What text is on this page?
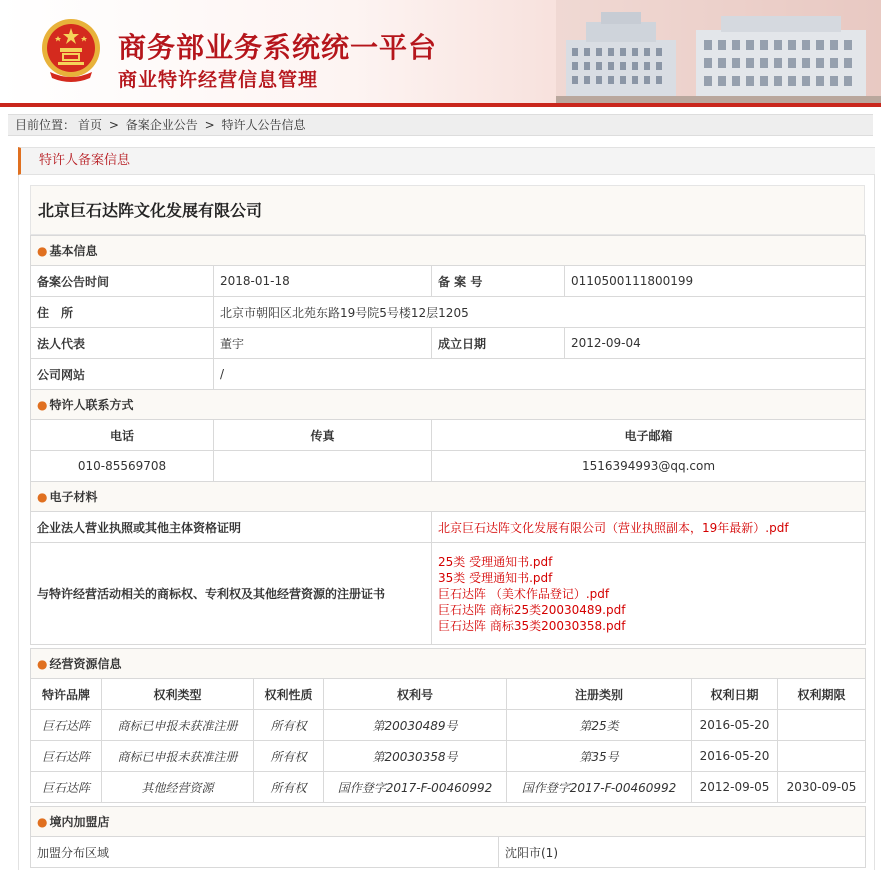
商务部业务系统统一平台
商业特许经营信息管理
目前位置： 首页 > 备案企业公告 > 特许人公告信息
特许人备案信息
北京巨石达阵文化发展有限公司
● 基本信息			
备案公告时间	2018-01-18	备 案 号	0110500111800199
住　所	北京市朝阳区北苑东路19号院5号楼12层1205		
法人代表	董宇	成立日期	2012-09-04
公司网站	/		
● 特许人联系方式			
电话	传真	电子邮箱	
010-85569708		1516394993@qq.com	
● 电子材料			
企业法人营业执照或其他主体资格证明		北京巨石达阵文化发展有限公司（营业执照副本，19年最新）.pdf	
与特许经营活动相关的商标权、专利权及其他经营资源的注册证书		25类 受理通知书.pdf
35类 受理通知书.pdf
巨石达阵 （美术作品登记）.pdf
巨石达阵 商标25类20030489.pdf
巨石达阵 商标35类20030358.pdf	
● 经营资源信息						
特许品牌	权利类型	权利性质	权利号	注册类别	权利日期	权利期限
巨石达阵	商标已申报未获准注册	所有权	第20030489号	第25类	2016-05-20	
巨石达阵	商标已申报未获准注册	所有权	第20030358号	第35号	2016-05-20	
巨石达阵	其他经营资源	所有权	国作登字2017-F-00460992	国作登字2017-F-00460992	2012-09-05	2030-09-05
● 境内加盟店
加盟分布区域	沈阳市(1)
